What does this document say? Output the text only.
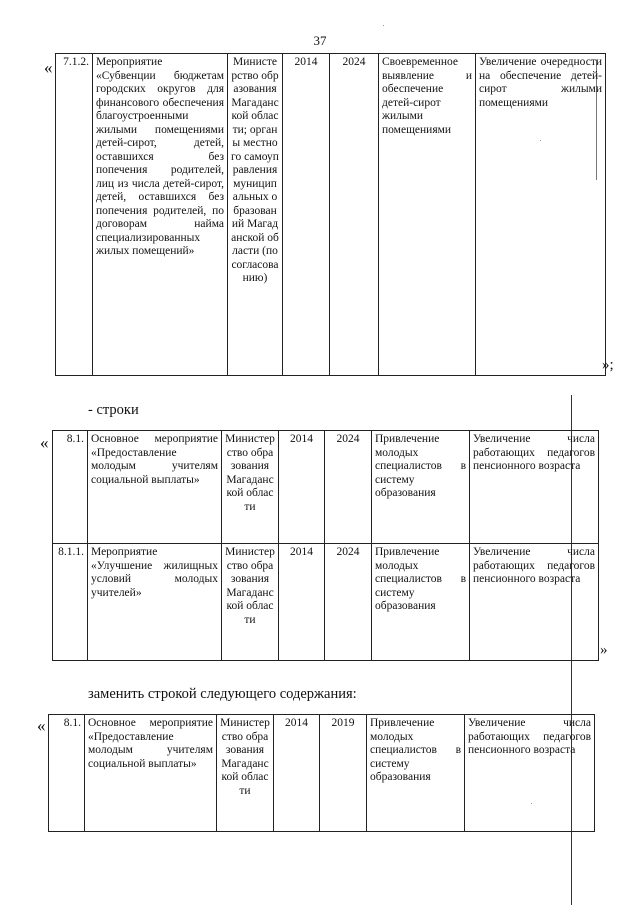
37
« 7.1.2.	Мероприятие «Субвенции бюджетам городских округов для финансового обеспечения благоустроенными жилыми помещениями детей-сирот, детей, оставшихся без попечения родителей, лиц из числа детей-сирот, детей, оставшихся без попечения родителей, по договорам найма специализированных жилых помещений»	Министерство образования Магаданской области; органы местного самоуправления муниципальных образований Магаданской области (по согласованию)	2014	2024	Своевременное выявление и обеспечение детей-сирот жилыми помещениями	Увеличение очередности на обеспечение детей-сирот жилыми помещениями
»;
- строки
« 8.1.	Основное мероприятие «Предоставление молодым учителям социальной выплаты»	Министерство образования Магаданской области	2014	2024	Привлечение молодых специалистов в систему образования	Увеличение числа работающих педагогов пенсионного возраста
8.1.1.	Мероприятие «Улучшение жилищных условий молодых учителей»	Министерство образования Магаданской области	2014	2024	Привлечение молодых специалистов в систему образования	Увеличение числа работающих педагогов пенсионного возраста
»
заменить строкой следующего содержания:
« 8.1.	Основное мероприятие «Предоставление молодым учителям социальной выплаты»	Министерство образования Магаданской области	2014	2019	Привлечение молодых специалистов в систему образования	Увеличение числа работающих педагогов пенсионного возраста
